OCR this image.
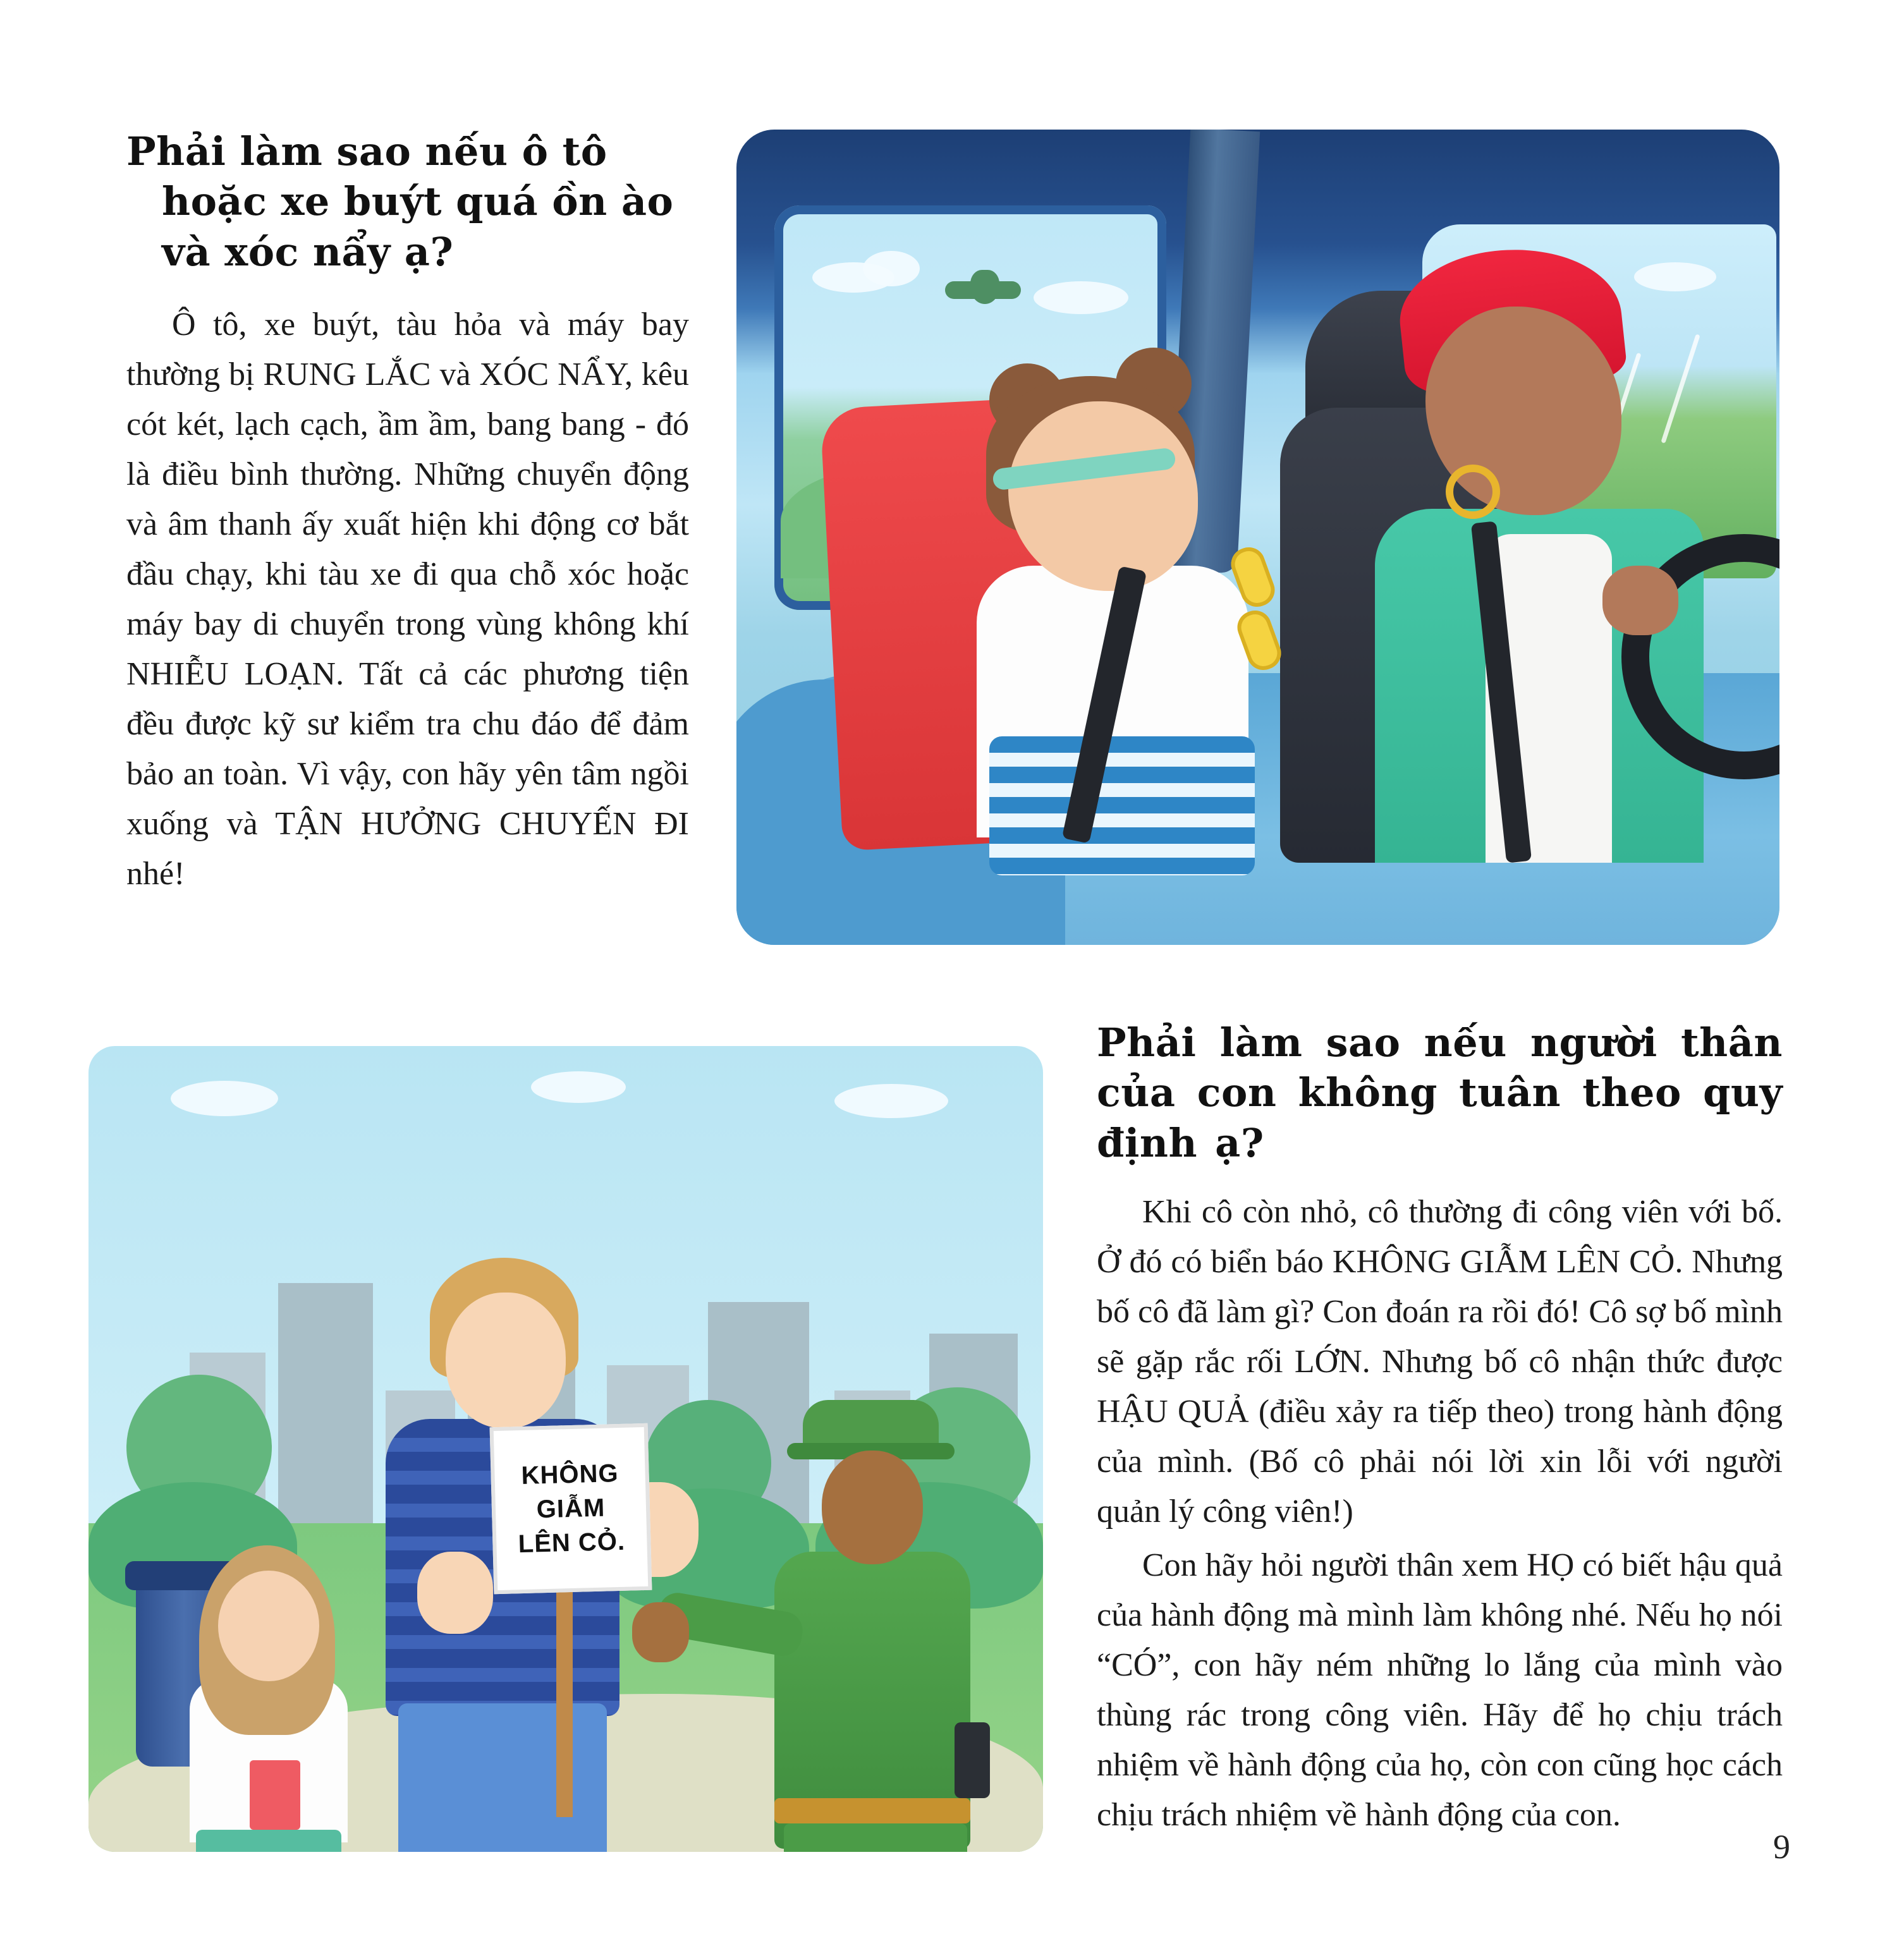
Phải làm sao nếu ô tô hoặc xe buýt quá ồn ào và xóc nẩy ạ?

Ô tô, xe buýt, tàu hỏa và máy bay thường bị RUNG LẮC và XÓC NẨY, kêu cót két, lạch cạch, ầm ầm, bang bang - đó là điều bình thường. Những chuyển động và âm thanh ấy xuất hiện khi động cơ bắt đầu chạy, khi tàu xe đi qua chỗ xóc hoặc máy bay di chuyển trong vùng không khí NHIỄU LOẠN. Tất cả các phương tiện đều được kỹ sư kiểm tra chu đáo để đảm bảo an toàn. Vì vậy, con hãy yên tâm ngồi xuống và TẬN HƯỞNG CHUYẾN ĐI nhé!

KHÔNG
GIẪM
LÊN CỎ.
Phải làm sao nếu người thân của con không tuân theo quy định ạ?

Khi cô còn nhỏ, cô thường đi công viên với bố. Ở đó có biển báo KHÔNG GIẪM LÊN CỎ. Nhưng bố cô đã làm gì? Con đoán ra rồi đó! Cô sợ bố mình sẽ gặp rắc rối LỚN. Nhưng bố cô nhận thức được HẬU QUẢ (điều xảy ra tiếp theo) trong hành động của mình. (Bố cô phải nói lời xin lỗi với người quản lý công viên!)

Con hãy hỏi người thân xem HỌ có biết hậu quả của hành động mà mình làm không nhé. Nếu họ nói “CÓ”, con hãy ném những lo lắng của mình vào thùng rác trong công viên. Hãy để họ chịu trách nhiệm về hành động của họ, còn con cũng học cách chịu trách nhiệm về hành động của con.

9
